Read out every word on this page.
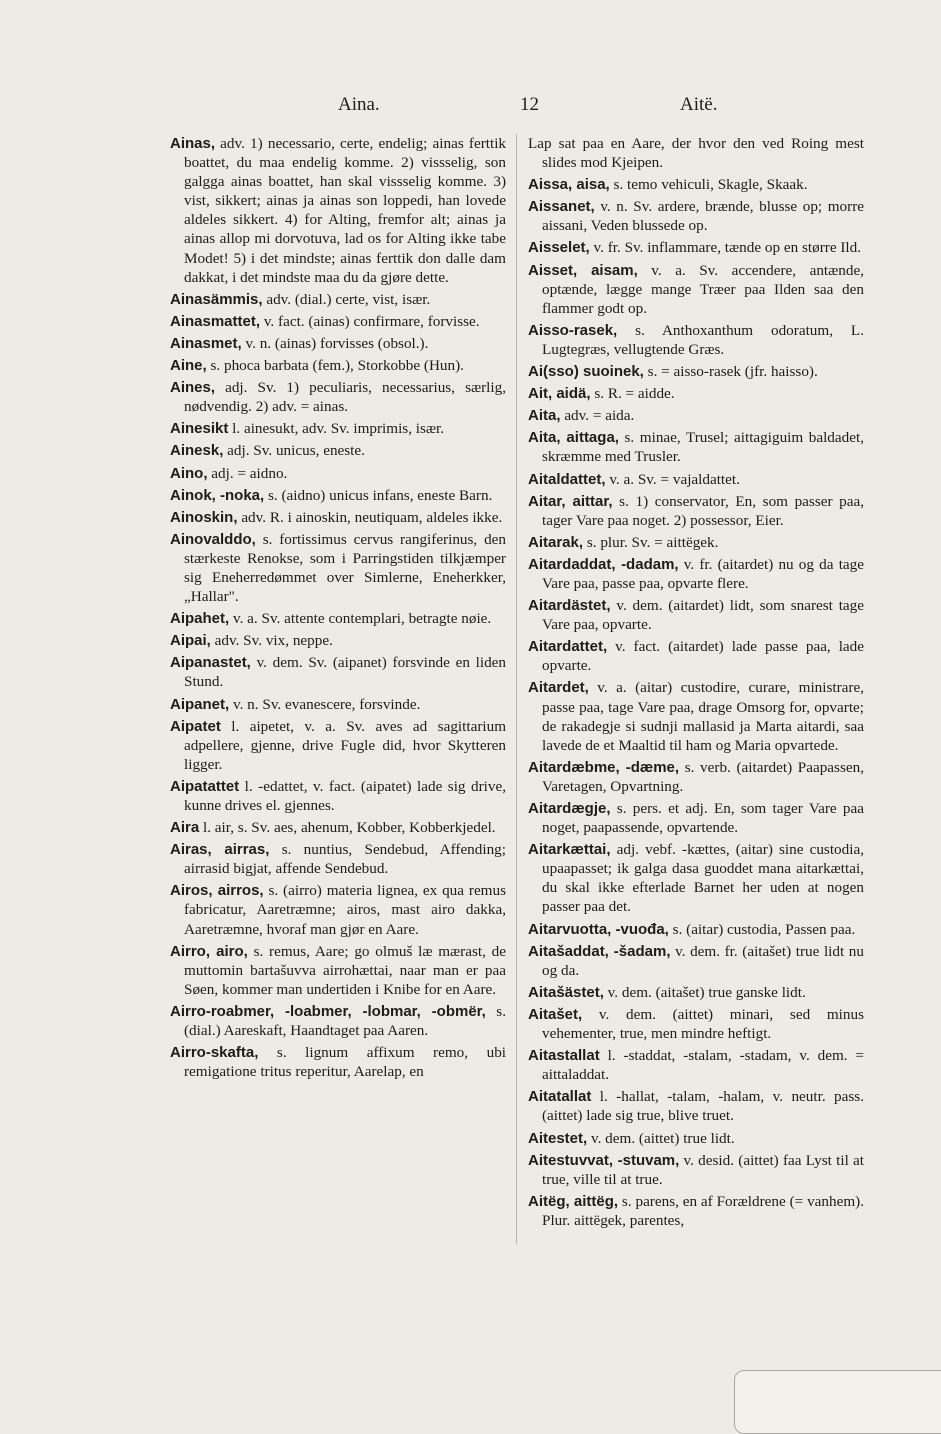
Aina.	12	Aitë.

Ainas, adv. 1) necessario, certe, endelig; ainas ferttik boattet, du maa endelig komme. 2) vissselig, son galgga ainas boattet, han skal vissselig komme. 3) vist, sikkert; ainas ja ainas son loppedi, han lovede aldeles sikkert. 4) for Alting, fremfor alt; ainas ja ainas allop mi dorvotuva, lad os for Alting ikke tabe Modet! 5) i det mindste; ainas ferttik don dalle dam dakkat, i det mindste maa du da gjøre dette.

Ainasämmis, adv. (dial.) certe, vist, især.

Ainasmattet, v. fact. (ainas) confirmare, forvisse.

Ainasmet, v. n. (ainas) forvisses (obsol.).

Aine, s. phoca barbata (fem.), Storkobbe (Hun).

Aines, adj. Sv. 1) peculiaris, necessarius, særlig, nødvendig. 2) adv. = ainas.

Ainesikt l. ainesukt, adv. Sv. imprimis, især.

Ainesk, adj. Sv. unicus, eneste.

Aino, adj. = aidno.

Ainok, -noka, s. (aidno) unicus infans, eneste Barn.

Ainoskin, adv. R. i ainoskin, neutiquam, aldeles ikke.

Ainovalddo, s. fortissimus cervus rangiferinus, den stærkeste Renokse, som i Parringstiden tilkjæmper sig Eneherredømmet over Simlerne, Eneherkker, „Hallar".

Aipahet, v. a. Sv. attente contemplari, betragte nøie.

Aipai, adv. Sv. vix, neppe.

Aipanastet, v. dem. Sv. (aipanet) forsvinde en liden Stund.

Aipanet, v. n. Sv. evanescere, forsvinde.

Aipatet l. aipetet, v. a. Sv. aves ad sagittarium adpellere, gjenne, drive Fugle did, hvor Skytteren ligger.

Aipatattet l. -edattet, v. fact. (aipatet) lade sig drive, kunne drives el. gjennes.

Aira l. air, s. Sv. aes, ahenum, Kobber, Kobberkjedel.

Airas, airras, s. nuntius, Sendebud, Affending; airrasid bigjat, affende Sendebud.

Airos, airros, s. (airro) materia lignea, ex qua remus fabricatur, Aaretræmne; airos, mast airo dakka, Aaretræmne, hvoraf man gjør en Aare.

Airro, airo, s. remus, Aare; go olmuš læ mærast, de muttomin bartašuvva airrohættai, naar man er paa Søen, kommer man undertiden i Knibe for en Aare.

Airro-roabmer, -loabmer, -lobmar, -obmër, s. (dial.) Aareskaft, Haandtaget paa Aaren.

Airro-skafta, s. lignum affixum remo, ubi remigatione tritus reperitur, Aarelap, en

Lap sat paa en Aare, der hvor den ved Roing mest slides mod Kjeipen.

Aissa, aisa, s. temo vehiculi, Skagle, Skaak.

Aissanet, v. n. Sv. ardere, brænde, blusse op; morre aissani, Veden blussede op.

Aisselet, v. fr. Sv. inflammare, tænde op en større Ild.

Aisset, aisam, v. a. Sv. accendere, antænde, optænde, lægge mange Træer paa Ilden saa den flammer godt op.

Aisso-rasek, s. Anthoxanthum odoratum, L. Lugtegræs, vellugtende Græs.

Ai(sso) suoinek, s. = aisso-rasek (jfr. haisso).

Ait, aidä, s. R. = aidde.

Aita, adv. = aida.

Aita, aittaga, s. minae, Trusel; aittagiguim baldadet, skræmme med Trusler.

Aitaldattet, v. a. Sv. = vajaldattet.

Aitar, aittar, s. 1) conservator, En, som passer paa, tager Vare paa noget. 2) possessor, Eier.

Aitarak, s. plur. Sv. = aittëgek.

Aitardaddat, -dadam, v. fr. (aitardet) nu og da tage Vare paa, passe paa, opvarte flere.

Aitardästet, v. dem. (aitardet) lidt, som snarest tage Vare paa, opvarte.

Aitardattet, v. fact. (aitardet) lade passe paa, lade opvarte.

Aitardet, v. a. (aitar) custodire, curare, ministrare, passe paa, tage Vare paa, drage Omsorg for, opvarte; de rakadegje si sudnji mallasid ja Marta aitardi, saa lavede de et Maaltid til ham og Maria opvartede.

Aitardæbme, -dæme, s. verb. (aitardet) Paapassen, Varetagen, Opvartning.

Aitardægje, s. pers. et adj. En, som tager Vare paa noget, paapassende, opvartende.

Aitarkættai, adj. vebf. -kættes, (aitar) sine custodia, upaapasset; ik galga dasa guoddet mana aitarkættai, du skal ikke efterlade Barnet her uden at nogen passer paa det.

Aitarvuotta, -vuođa, s. (aitar) custodia, Passen paa.

Aitašaddat, -šadam, v. dem. fr. (aitašet) true lidt nu og da.

Aitašästet, v. dem. (aitašet) true ganske lidt.

Aitašet, v. dem. (aittet) minari, sed minus vehementer, true, men mindre heftigt.

Aitastallat l. -staddat, -stalam, -stadam, v. dem. = aittaladdat.

Aitatallat l. -hallat, -talam, -halam, v. neutr. pass. (aittet) lade sig true, blive truet.

Aitestet, v. dem. (aittet) true lidt.

Aitestuvvat, -stuvam, v. desid. (aittet) faa Lyst til at true, ville til at true.

Aitëg, aittëg, s. parens, en af Forældrene (= vanhem). Plur. aittëgek, parentes,
